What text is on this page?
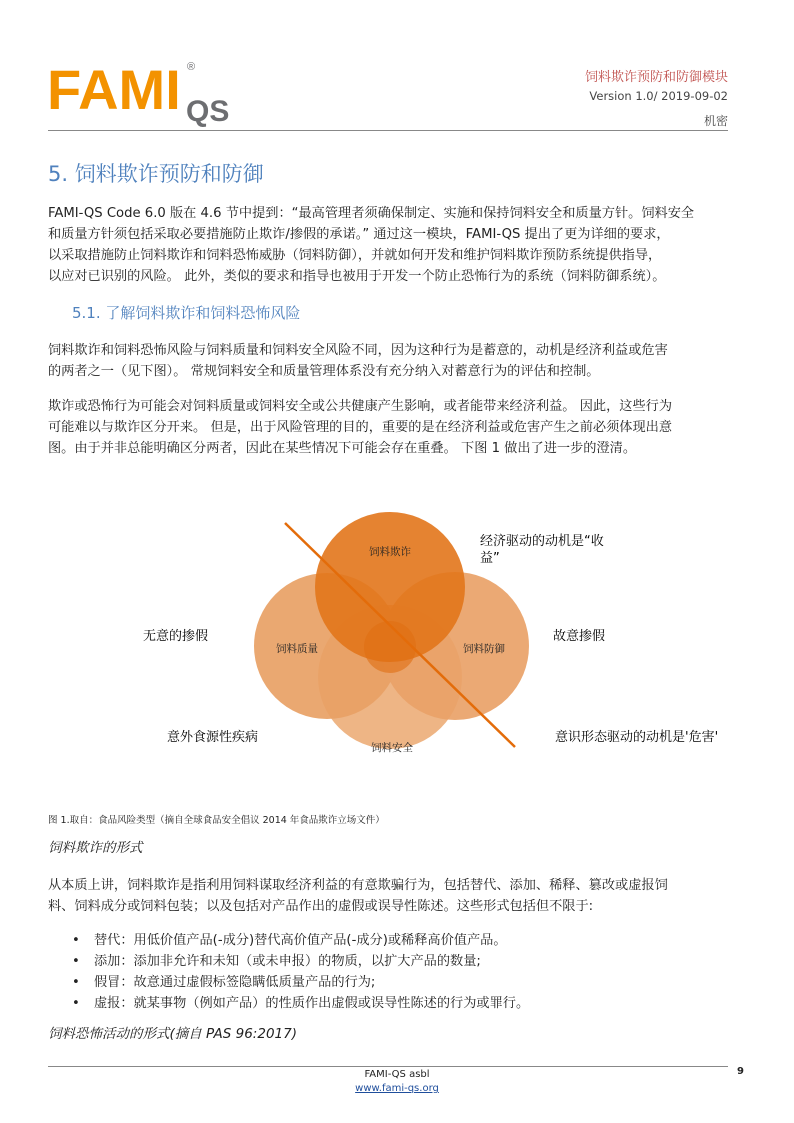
FAMI QS
®
饲料欺诈预防和防御模块
Version 1.0/ 2019-09-02
机密
5. 饲料欺诈预防和防御
FAMI-QS Code 6.0 版在 4.6 节中提到：“最高管理者须确保制定、实施和保持饲料安全和质量方针。饲料安全
和质量方针须包括采取必要措施防止欺诈/掺假的承诺。” 通过这一模块，FAMI-QS 提出了更为详细的要求，
以采取措施防止饲料欺诈和饲料恐怖威胁（饲料防御），并就如何开发和维护饲料欺诈预防系统提供指导，
以应对已识别的风险。 此外，类似的要求和指导也被用于开发一个防止恐怖行为的系统（饲料防御系统）。
5.1. 了解饲料欺诈和饲料恐怖风险
饲料欺诈和饲料恐怖风险与饲料质量和饲料安全风险不同，因为这种行为是蓄意的，动机是经济利益或危害
的两者之一（见下图）。 常规饲料安全和质量管理体系没有充分纳入对蓄意行为的评估和控制。
欺诈或恐怖行为可能会对饲料质量或饲料安全或公共健康产生影响，或者能带来经济利益。 因此，这些行为
可能难以与欺诈区分开来。 但是，出于风险管理的目的，重要的是在经济利益或危害产生之前必须体现出意
图。由于并非总能明确区分两者，因此在某些情况下可能会存在重叠。 下图 1 做出了进一步的澄清。
饲料欺诈
饲料质量	饲料防御
饲料安全
经济驱动的动机是“收
益”
无意的掺假	故意掺假
意外食源性疾病	意识形态驱动的动机是'危害'
图 1.取自：食品风险类型（摘自全球食品安全倡议 2014 年食品欺诈立场文件）
饲料欺诈的形式
从本质上讲，饲料欺诈是指利用饲料谋取经济利益的有意欺骗行为，包括替代、添加、稀释、篡改或虚报饲
料、饲料成分或饲料包装；以及包括对产品作出的虚假或误导性陈述。这些形式包括但不限于:
•	替代：用低价值产品(-成分)替代高价值产品(-成分)或稀释高价值产品。
•	添加：添加非允许和未知（或未申报）的物质，以扩大产品的数量;
•	假冒：故意通过虚假标签隐瞒低质量产品的行为;
•	虚报：就某事物（例如产品）的性质作出虚假或误导性陈述的行为或罪行。
饲料恐怖活动的形式(摘自 PAS 96:2017)
FAMI-QS asbl
www.fami-qs.org
9
